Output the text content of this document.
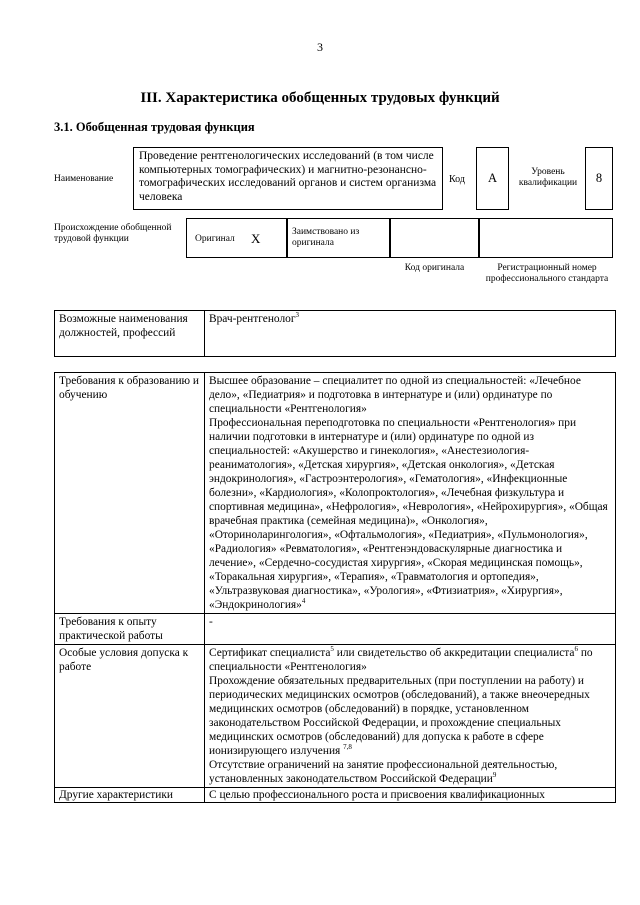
3
III. Характеристика обобщенных трудовых функций
3.1. Обобщенная трудовая функция
Наименование
Проведение рентгенологических исследований (в том числе компьютерных томографических) и магнитно-резонансно-томографических исследований органов и систем организма человека
Код	А	Уровень квалификации	8
Происхождение обобщенной трудовой функции	Оригинал Х	Заимствовано из оригинала
Код оригинала	Регистрационный номер профессионального стандарта
Возможные наименования должностей, профессий	Врач-рентгенолог$^3$
Требования к образованию и обучению	Высшее образование – специалитет по одной из специальностей: «Лечебное дело», «Педиатрия» и подготовка в интернатуре и (или) ординатуре по специальности «Рентгенология»
Профессиональная переподготовка по специальности «Рентгенология» при наличии подготовки в интернатуре и (или) ординатуре по одной из специальностей: «Акушерство и гинекология», «Анестезиология-реаниматология», «Детская хирургия», «Детская онкология», «Детская эндокринология», «Гастроэнтерология», «Гематология», «Инфекционные болезни», «Кардиология», «Колопроктология», «Лечебная физкультура и спортивная медицина», «Нефрология», «Неврология», «Нейрохирургия», «Общая врачебная практика (семейная медицина)», «Онкология», «Оториноларингология», «Офтальмология», «Педиатрия», «Пульмонология», «Радиология» «Ревматология», «Рентгенэндоваскулярные диагностика и лечение», «Сердечно-сосудистая хирургия», «Скорая медицинская помощь», «Торакальная хирургия», «Терапия», «Травматология и ортопедия», «Ультразвуковая диагностика», «Урология», «Фтизиатрия», «Хирургия», «Эндокринология»$^4$

Требования к опыту практической работы	-
Особые условия допуска к работе	Сертификат специалиста$^5$ или свидетельство об аккредитации специалиста$^6$ по специальности «Рентгенология»
Прохождение обязательных предварительных (при поступлении на работу) и периодических медицинских осмотров (обследований), а также внеочередных медицинских осмотров (обследований) в порядке, установленном законодательством Российской Федерации, и прохождение специальных медицинских осмотров (обследований) для допуска к работе в сфере ионизирующего излучения $^{7,8}$
Отсутствие ограничений на занятие профессиональной деятельностью, установленных законодательством Российской Федерации$^9$

Другие характеристики	С целью профессионального роста и присвоения квалификационных
